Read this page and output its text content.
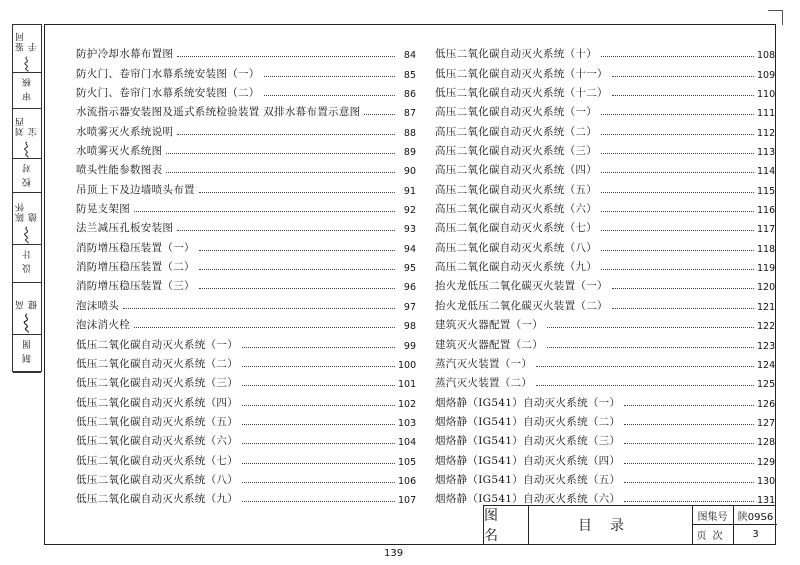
鉴同手
审 核
刘西宝
校 对
陈怀德
设 计
高 健
制 图
防护冷却水幕布置图	84
防火门、卷帘门水幕系统安装图（一）	85
防火门、卷帘门水幕系统安装图（二）	86
水流指示器安装图及遥式系统检验装置 双排水幕布置示意图	87
水喷雾灭火系统说明	88
水喷雾灭火系统图	89
喷头性能参数图表	90
吊顶上下及边墙喷头布置	91
防晃支架图	92
法兰减压孔板安装图	93
消防增压稳压装置（一）	94
消防增压稳压装置（二）	95
消防增压稳压装置（三）	96
泡沫喷头	97
泡沫消火栓	98
低压二氧化碳自动灭火系统（一）	99
低压二氧化碳自动灭火系统（二）	100
低压二氧化碳自动灭火系统（三）	101
低压二氧化碳自动灭火系统（四）	102
低压二氧化碳自动灭火系统（五）	103
低压二氧化碳自动灭火系统（六）	104
低压二氧化碳自动灭火系统（七）	105
低压二氧化碳自动灭火系统（八）	106
低压二氧化碳自动灭火系统（九）	107
低压二氧化碳自动灭火系统（十）	108
低压二氧化碳自动灭火系统（十一）	109
低压二氧化碳自动灭火系统（十二）	110
高压二氧化碳自动灭火系统（一）	111
高压二氧化碳自动灭火系统（二）	112
高压二氧化碳自动灭火系统（三）	113
高压二氧化碳自动灭火系统（四）	114
高压二氧化碳自动灭火系统（五）	115
高压二氧化碳自动灭火系统（六）	116
高压二氧化碳自动灭火系统（七）	117
高压二氧化碳自动灭火系统（八）	118
高压二氧化碳自动灭火系统（九）	119
抬火龙低压二氧化碳灭火装置（一）	120
抬火龙低压二氧化碳灭火装置（二）	121
建筑灭火器配置（一）	122
建筑灭火器配置（二）	123
蒸汽灭火装置（一）	124
蒸汽灭火装置（二）	125
烟烙静（IG541）自动灭火系统（一）	126
烟烙静（IG541）自动灭火系统（二）	127
烟烙静（IG541）自动灭火系统（三）	128
烟烙静（IG541）自动灭火系统（四）	129
烟烙静（IG541）自动灭火系统（五）	130
烟烙静（IG541）自动灭火系统（六）	131
图名
目录
图集号	陕09S6
页次	3
139
